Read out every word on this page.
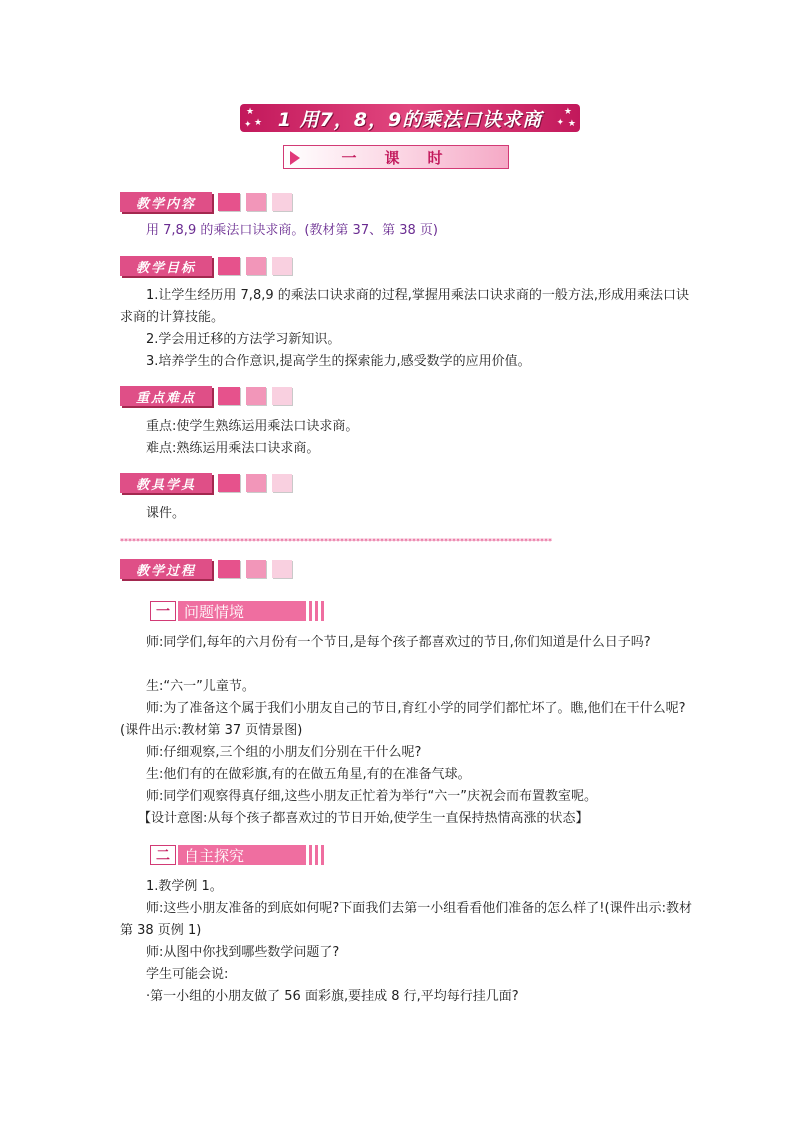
★
★
✦ 1 用7，8，9的乘法口诀求商 ★
✦ ★
一课时
教学内容
用 7,8,9 的乘法口诀求商。(教材第 37、第 38 页)
教学目标
1.让学生经历用 7,8,9 的乘法口诀求商的过程,掌握用乘法口诀求商的一般方法,形成用乘法口诀求商的计算技能。
2.学会用迁移的方法学习新知识。
3.培养学生的合作意识,提高学生的探索能力,感受数学的应用价值。
重点难点
重点:使学生熟练运用乘法口诀求商。
难点:熟练运用乘法口诀求商。
教具学具
课件。
************************************************************************************************************
教学过程
一 问题情境
师:同学们,每年的六月份有一个节日,是每个孩子都喜欢过的节日,你们知道是什么日子吗?
生:“六一”儿童节。
师:为了准备这个属于我们小朋友自己的节日,育红小学的同学们都忙坏了。瞧,他们在干什么呢?(课件出示:教材第 37 页情景图)
师:仔细观察,三个组的小朋友们分别在干什么呢?
生:他们有的在做彩旗,有的在做五角星,有的在准备气球。
师:同学们观察得真仔细,这些小朋友正忙着为举行“六一”庆祝会而布置教室呢。
【设计意图:从每个孩子都喜欢过的节日开始,使学生一直保持热情高涨的状态】
二 自主探究
1.教学例 1。
师:这些小朋友准备的到底如何呢?下面我们去第一小组看看他们准备的怎么样了!(课件出示:教材第 38 页例 1)
师:从图中你找到哪些数学问题了?
学生可能会说:
·第一小组的小朋友做了 56 面彩旗,要挂成 8 行,平均每行挂几面?
